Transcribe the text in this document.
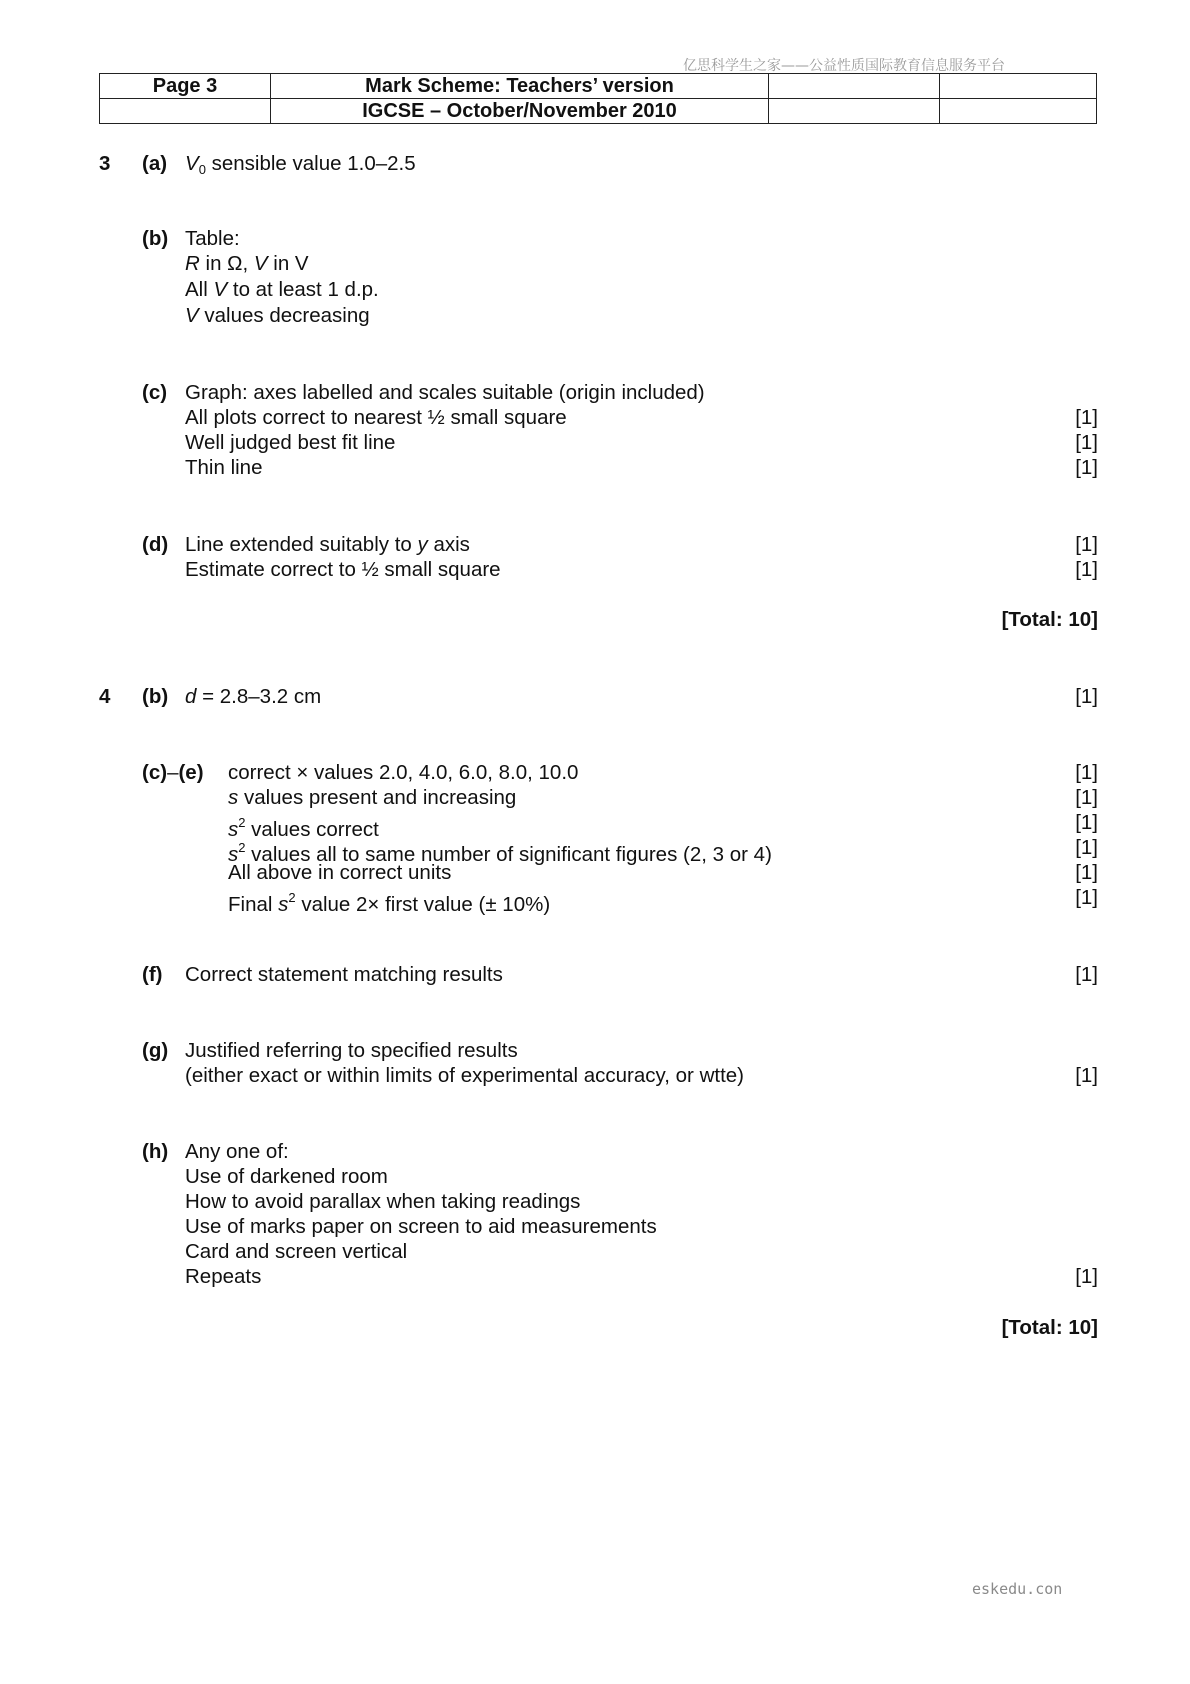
亿思科学生之家——公益性质国际教育信息服务平台
Page 3	Mark Scheme: Teachers’ version		
	IGCSE – October/November 2010		
3 (a) $V_0$ sensible value 1.0–2.5
(b) Table:
R in Ω, V in V
All V to at least 1 d.p.
V values decreasing
(c) Graph: axes labelled and scales suitable (origin included)
All plots correct to nearest ½ small square	[1]
Well judged best fit line	[1]
Thin line	[1]
(d) Line extended suitably to y axis	[1]
Estimate correct to ½ small square	[1]
[Total: 10]
4 (b) d = 2.8–3.2 cm	[1]
(c)–(e) correct × values 2.0, 4.0, 6.0, 8.0, 10.0	[1]
s values present and increasing	[1]
$s^2$ values correct	[1]
$s^2$ values all to same number of significant figures (2, 3 or 4)	[1]
All above in correct units	[1]
Final $s^2$ value 2× first value (± 10%)	[1]
(f) Correct statement matching results	[1]
(g) Justified referring to specified results
(either exact or within limits of experimental accuracy, or wtte)	[1]
(h) Any one of:
Use of darkened room
How to avoid parallax when taking readings
Use of marks paper on screen to aid measurements
Card and screen vertical
Repeats	[1]
[Total: 10]
eskedu.con
